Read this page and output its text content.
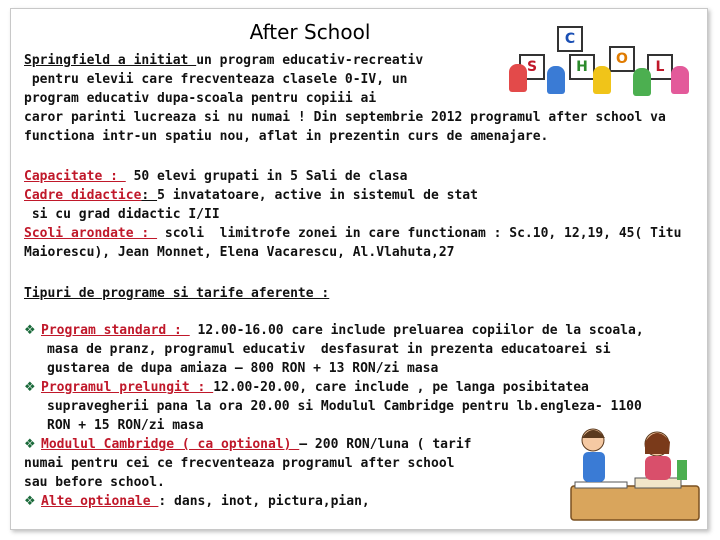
After School	C
S	H	O	L
Springfield a initiat un program educativ-recreativ
pentru elevii care frecventeaza clasele 0-IV, un
program educativ dupa-scoala pentru copiii ai
caror parinti lucreaza si nu numai ! Din septembrie 2012 programul after school va
functiona intr-un spatiu nou, aflat in prezentin curs de amenajare.
Capacitate :  50 elevi grupati in 5 Sali de clasa
Cadre didactice: 5 invatatoare, active in sistemul de stat
si cu grad didactic I/II
Scoli arondate :  scoli  limitrofe zonei in care functionam : Sc.10, 12,19, 45( Titu
Maiorescu), Jean Monnet, Elena Vacarescu, Al.Vlahuta,27
Tipuri de programe si tarife aferente :
❖ Program standard :  12.00-16.00 care include preluarea copiilor de la scoala,
masa de pranz, programul educativ  desfasurat in prezenta educatoarei si
gustarea de dupa amiaza – 800 RON + 13 RON/zi masa
❖ Programul prelungit : 12.00-20.00, care include , pe langa posibitatea
supravegherii pana la ora 20.00 si Modulul Cambridge pentru lb.engleza- 1100
RON + 15 RON/zi masa
❖ Modulul Cambridge ( ca optional) – 200 RON/luna ( tarif
numai pentru cei ce frecventeaza programul after school
sau before school.
❖ Alte optionale : dans, inot, pictura,pian,
